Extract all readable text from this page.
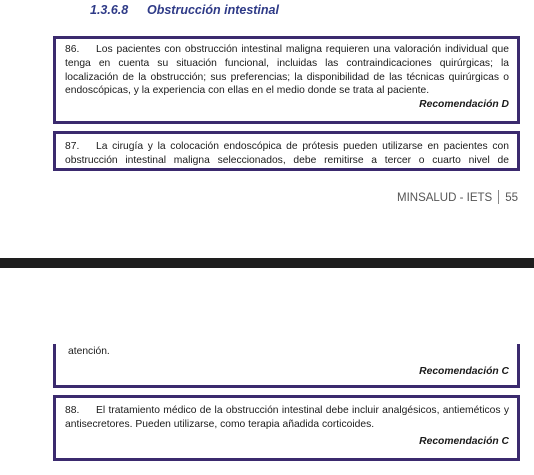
1.3.6.8 Obstrucción intestinal

86. Los pacientes con obstrucción intestinal maligna requieren una valoración individual que tenga en cuenta su situación funcional, incluidas las contraindicaciones quirúrgicas; la localización de la obstrucción; sus preferencias; la disponibilidad de las técnicas quirúrgicas o endoscópicas, y la experiencia con ellas en el medio donde se trata al paciente.

Recomendación D

87. La cirugía y la colocación endoscópica de prótesis pueden utilizarse en pacientes con obstrucción intestinal maligna seleccionados, debe remitirse a tercer o cuarto nivel de

MINSALUD - IETS 55

atención.

Recomendación C

88. El tratamiento médico de la obstrucción intestinal debe incluir analgésicos, antieméticos y antisecretores. Pueden utilizarse, como terapia añadida corticoides.

Recomendación C
